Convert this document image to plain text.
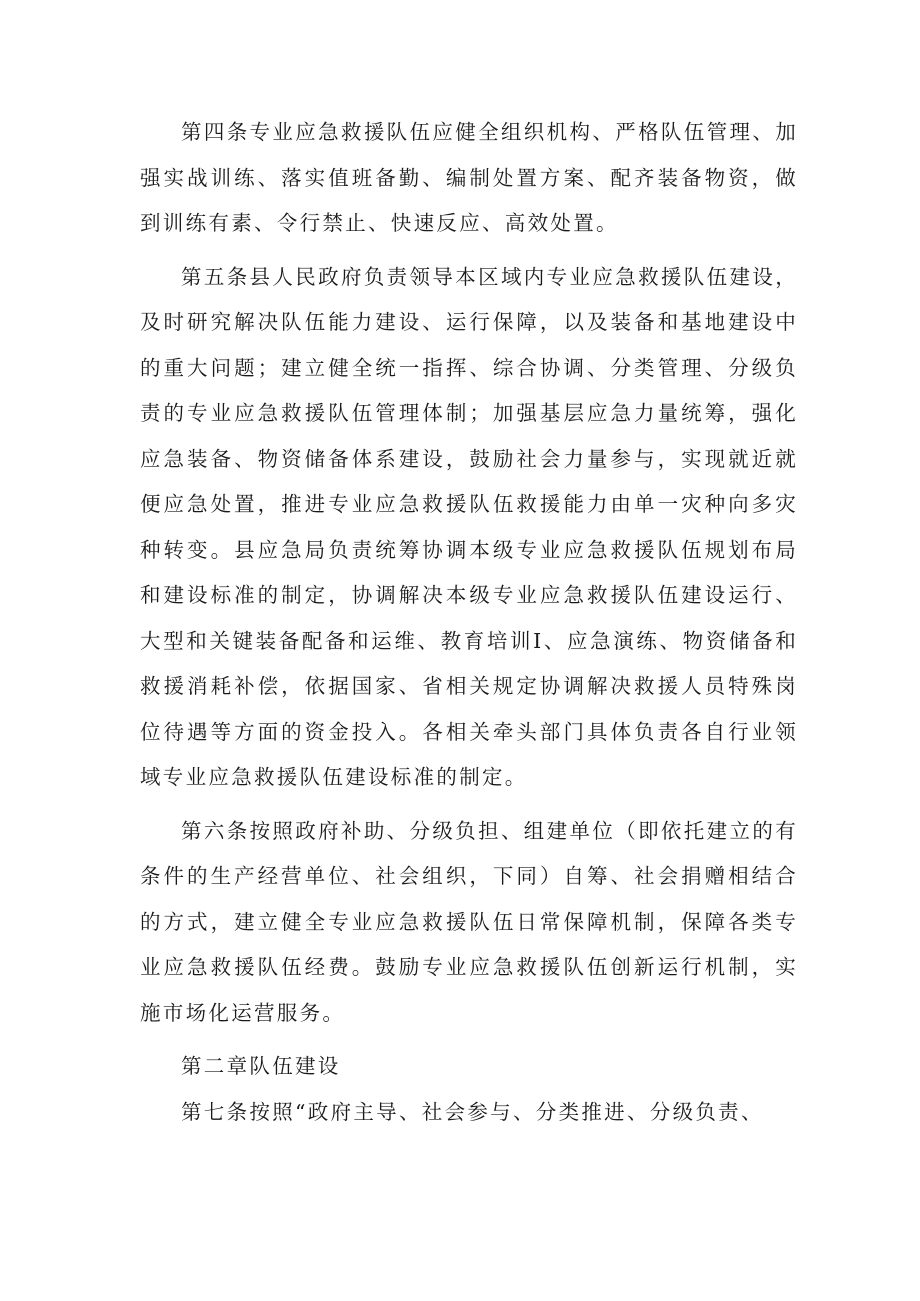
第四条专业应急救援队伍应健全组织机构、严格队伍管理、加强实战训练、落实值班备勤、编制处置方案、配齐装备物资，做到训练有素、令行禁止、快速反应、高效处置。

第五条县人民政府负责领导本区域内专业应急救援队伍建设，及时研究解决队伍能力建设、运行保障，以及装备和基地建设中的重大问题；建立健全统一指挥、综合协调、分类管理、分级负责的专业应急救援队伍管理体制；加强基层应急力量统筹，强化应急装备、物资储备体系建设，鼓励社会力量参与，实现就近就便应急处置，推进专业应急救援队伍救援能力由单一灾种向多灾种转变。县应急局负责统筹协调本级专业应急救援队伍规划布局和建设标准的制定，协调解决本级专业应急救援队伍建设运行、大型和关键装备配备和运维、教育培训I、应急演练、物资储备和救援消耗补偿，依据国家、省相关规定协调解决救援人员特殊岗位待遇等方面的资金投入。各相关牵头部门具体负责各自行业领域专业应急救援队伍建设标准的制定。

第六条按照政府补助、分级负担、组建单位（即依托建立的有条件的生产经营单位、社会组织，下同）自筹、社会捐赠相结合的方式，建立健全专业应急救援队伍日常保障机制，保障各类专业应急救援队伍经费。鼓励专业应急救援队伍创新运行机制，实施市场化运营服务。

第二章队伍建设

第七条按照“政府主导、社会参与、分类推进、分级负责、
